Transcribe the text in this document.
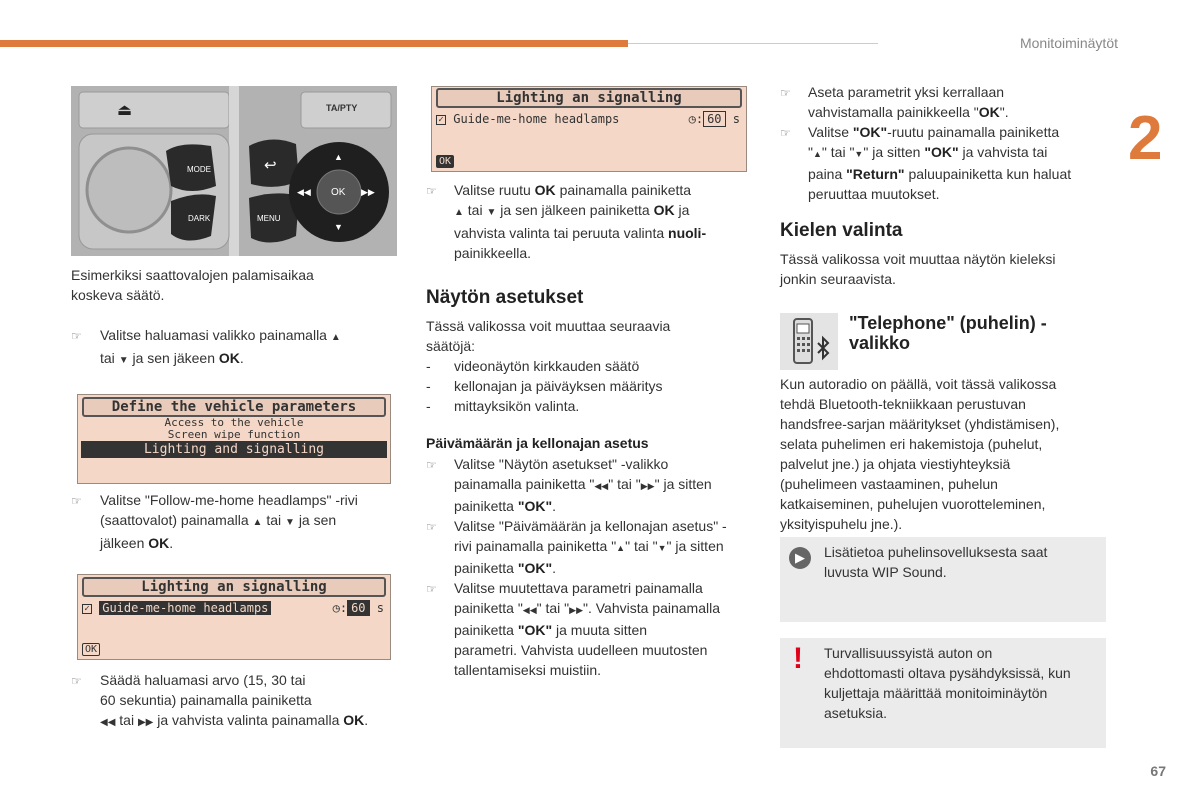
Monitoiminäytöt
2
67
⏏	TA/PTY
MODE
DARK
↩
MENU
OK
▲
▼
◀◀	▶▶
Esimerkiksi saattovalojen palamisaikaa
koskeva säätö.
☞	Valitse haluamasi valikko painamalla ▲
tai ▼ ja sen jäkeen OK.
Define the vehicle parameters
Access to the vehicle
Screen wipe function
Lighting and signalling
☞	Valitse "Follow-me-home headlamps" -rivi
(saattovalot) painamalla ▲ tai ▼ ja sen
jälkeen OK.
Lighting an signalling
✓ Guide-me-home headlamps	◷: 60 s
OK
☞	Säädä haluamasi arvo (15, 30 tai
60 sekuntia) painamalla painiketta
◀◀ tai ▶▶ ja vahvista valinta painamalla OK.
Lighting an signalling
✓ Guide-me-home headlamps	◷: 60 s
OK
☞	Valitse ruutu OK painamalla painiketta
▲ tai ▼ ja sen jälkeen painiketta OK ja
vahvista valinta tai peruuta valinta nuoli-
painikkeella.
Näytön asetukset
Tässä valikossa voit muuttaa seuraavia
säätöjä:
- videonäytön kirkkauden säätö
- kellonajan ja päiväyksen määritys
- mittayksikön valinta.
Päivämäärän ja kellonajan asetus
☞ Valitse "Näytön asetukset" -valikko
painamalla painiketta "◀◀" tai "▶▶" ja sitten
painiketta "OK".
☞ Valitse "Päivämäärän ja kellonajan asetus" -
rivi painamalla painiketta "▲" tai "▼" ja sitten
painiketta "OK".
☞ Valitse muutettava parametri painamalla
painiketta "◀◀" tai "▶▶". Vahvista painamalla
painiketta "OK" ja muuta sitten
parametri. Vahvista uudelleen muutosten
tallentamiseksi muistiin.
☞ Aseta parametrit yksi kerrallaan
vahvistamalla painikkeella "OK".
☞ Valitse "OK"-ruutu painamalla painiketta
"▲" tai "▼" ja sitten "OK" ja vahvista tai
paina "Return" paluupainiketta kun haluat
peruuttaa muutokset.
Kielen valinta
Tässä valikossa voit muuttaa näytön kieleksi
jonkin seuraavista.
"Telephone" (puhelin) -
valikko
Kun autoradio on päällä, voit tässä valikossa
tehdä Bluetooth-tekniikkaan perustuvan
handsfree-sarjan määritykset (yhdistämisen),
selata puhelimen eri hakemistoja (puhelut,
palvelut jne.) ja ohjata viestiyhteyksiä
(puhelimeen vastaaminen, puhelun
katkaiseminen, puhelujen vuorotteleminen,
yksityispuhelu jne.).
▶	Lisätietoa puhelinsovelluksesta saat
luvusta WIP Sound.
! Turvallisuussyistä auton on
ehdottomasti oltava pysähdyksissä, kun
kuljettaja määrittää monitoiminäytön
asetuksia.
